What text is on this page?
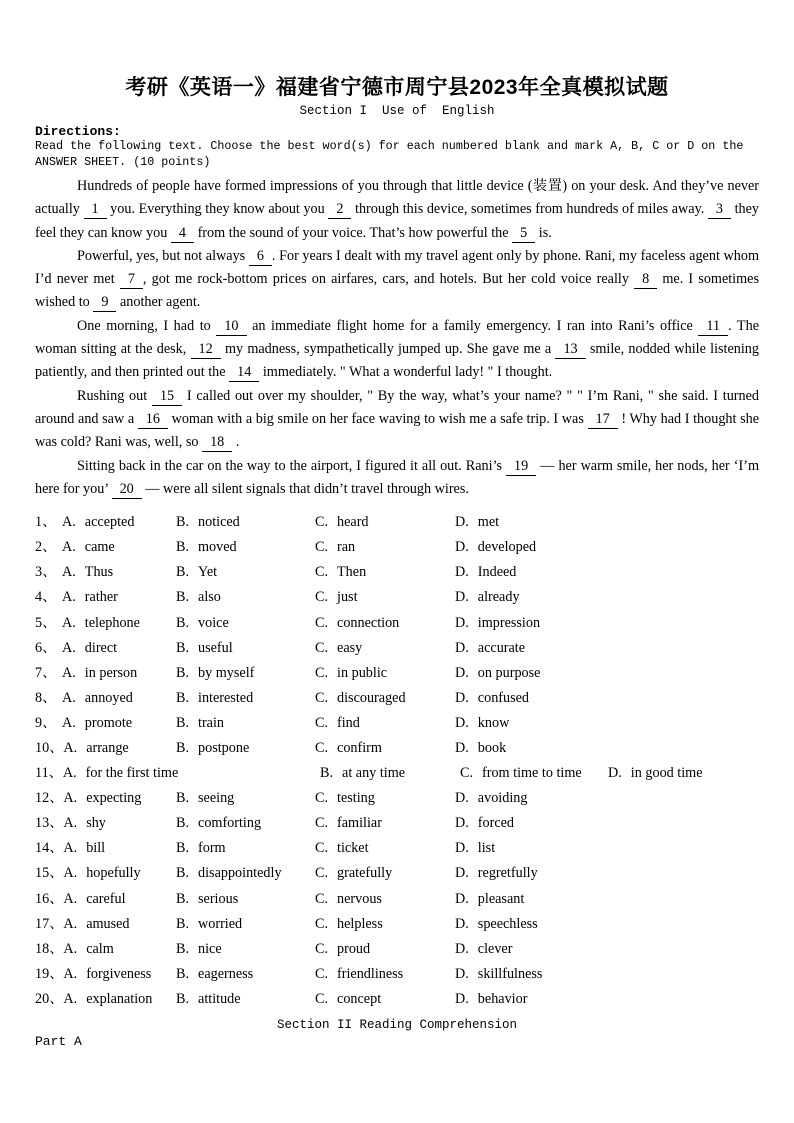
考研《英语一》福建省宁德市周宁县2023年全真模拟试题
Section I  Use of  English
Directions:
Read the following text. Choose the best word(s) for each numbered blank and mark A, B, C or D on the ANSWER SHEET. (10 points)

Hundreds of people have formed impressions of you through that little device (装置) on your desk. And they’ve never actually 1 you. Everything they know about you 2 through this device, sometimes from hundreds of miles away. 3 they feel they can know you 4 from the sound of your voice. That’s how powerful the 5 is.

Powerful, yes, but not always 6 . For years I dealt with my travel agent only by phone. Rani, my faceless agent whom I’d never met 7 , got me rock-bottom prices on airfares, cars, and hotels. But her cold voice really 8 me. I sometimes wished to 9 another agent.

One morning, I had to 10 an immediate flight home for a family emergency. I ran into Rani’s office 11 . The woman sitting at the desk, 12 my madness, sympathetically jumped up. She gave me a 13 smile, nodded while listening patiently, and then printed out the 14 immediately. " What a wonderful lady! " I thought.

Rushing out 15 I called out over my shoulder, " By the way, what’s your name? " " I’m Rani, " she said. I turned around and saw a 16 woman with a big smile on her face waving to wish me a safe trip. I was 17 ! Why had I thought she was cold? Rani was, well, so 18 .

Sitting back in the car on the way to the airport, I figured it all out. Rani’s 19 — her warm smile, her nods, her ‘I’m here for you’ 20 — were all silent signals that didn’t travel through wires.

1、 A. accepted	B. noticed	C. heard	D. met
2、 A. came	B. moved	C. ran	D. developed
3、 A. Thus	B. Yet	C. Then	D. Indeed
4、 A. rather	B. also	C. just	D. already
5、 A. telephone	B. voice	C. connection	D. impression
6、 A. direct	B. useful	C. easy	D. accurate
7、 A. in person	B. by myself	C. in public	D. on purpose
8、 A. annoyed	B. interested	C. discouraged	D. confused
9、 A. promote	B. train	C. find	D. know
10、A. arrange	B. postpone	C. confirm	D. book
11、A. for the first time	B. at any time	C. from time to time	D. in good time
12、A. expecting	B. seeing	C. testing	D. avoiding
13、A. shy	B. comforting	C. familiar	D. forced
14、A. bill	B. form	C. ticket	D. list
15、A. hopefully	B. disappointedly	C. gratefully	D. regretfully
16、A. careful	B. serious	C. nervous	D. pleasant
17、A. amused	B. worried	C. helpless	D. speechless
18、A. calm	B. nice	C. proud	D. clever
19、A. forgiveness	B. eagerness	C. friendliness	D. skillfulness
20、A. explanation	B. attitude	C. concept	D. behavior
Section II Reading Comprehension
Part A
